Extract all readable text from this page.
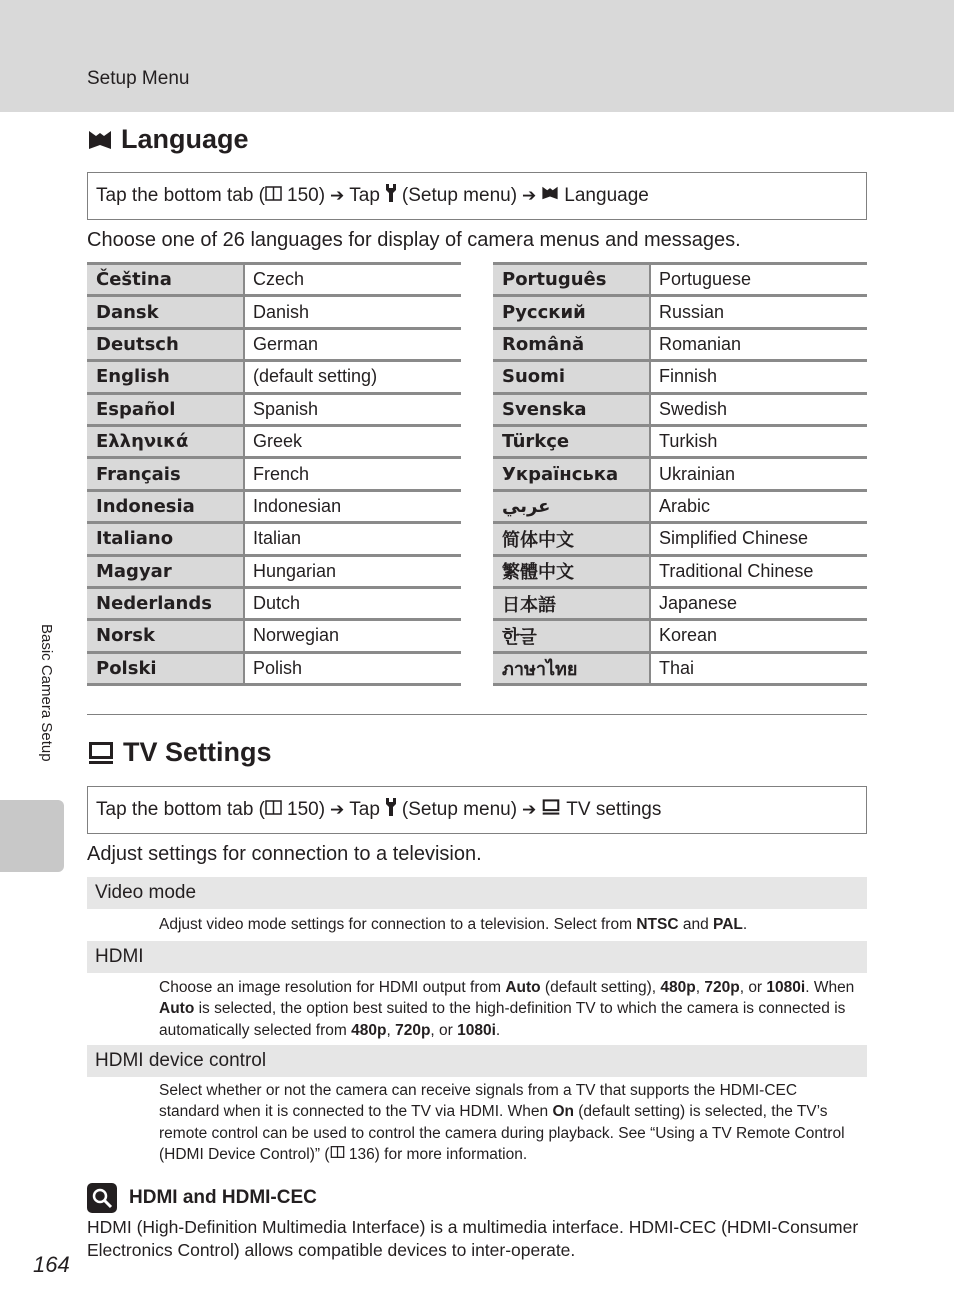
Setup Menu
Language
Tap the bottom tab ( 150) ➔ Tap (Setup menu) ➔ Language
Choose one of 26 languages for display of camera menus and messages.
Čeština	Czech
Dansk	Danish
Deutsch	German
English	(default setting)
Español	Spanish
Ελληνικά	Greek
Français	French
Indonesia	Indonesian
Italiano	Italian
Magyar	Hungarian
Nederlands	Dutch
Norsk	Norwegian
Polski	Polish
Português	Portuguese
Русский	Russian
Română	Romanian
Suomi	Finnish
Svenska	Swedish
Türkçe	Turkish
Українська	Ukrainian
عربي	Arabic
简体中文	Simplified Chinese
繁體中文	Traditional Chinese
日本語	Japanese
한글	Korean
ภาษาไทย	Thai
TV Settings
Tap the bottom tab ( 150) ➔ Tap (Setup menu) ➔ TV settings
Adjust settings for connection to a television.
Video mode
Adjust video mode settings for connection to a television. Select from NTSC and PAL.
HDMI
Choose an image resolution for HDMI output from Auto (default setting), 480p, 720p, or 1080i. When Auto is selected, the option best suited to the high-definition TV to which the camera is connected is automatically selected from 480p, 720p, or 1080i.
HDMI device control
Select whether or not the camera can receive signals from a TV that supports the HDMI-CEC standard when it is connected to the TV via HDMI. When On (default setting) is selected, the TV’s remote control can be used to control the camera during playback. See “Using a TV Remote Control (HDMI Device Control)” ( 136) for more information.
HDMI and HDMI-CEC
HDMI (High-Definition Multimedia Interface) is a multimedia interface. HDMI-CEC (HDMI-Consumer Electronics Control) allows compatible devices to inter-operate.
Basic Camera Setup
164
